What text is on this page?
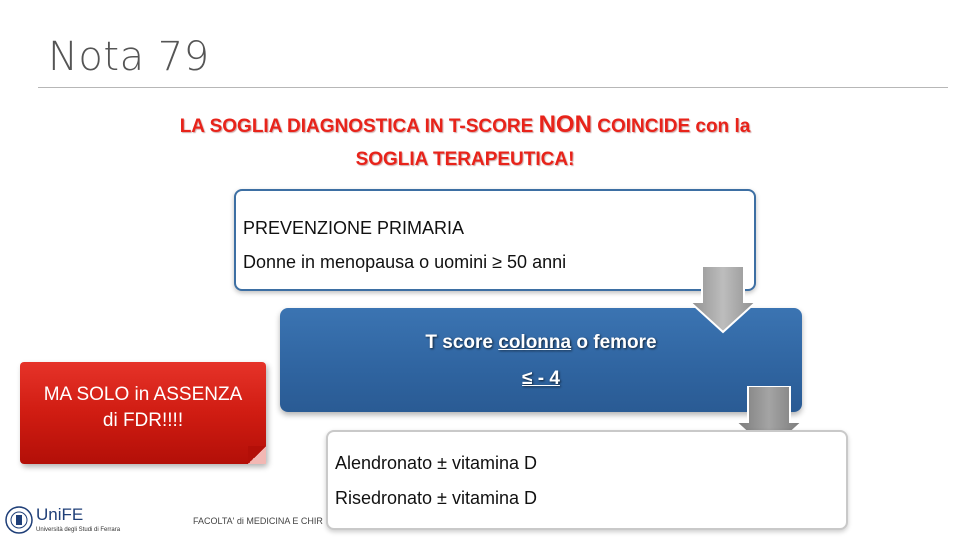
Nota 79
LA SOGLIA DIAGNOSTICA IN T-SCORE NON COINCIDE con la
SOGLIA TERAPEUTICA!
PREVENZIONE PRIMARIA
Donne in menopausa o uomini ≥ 50 anni
T score colonna o femore
≤ - 4
MA SOLO in ASSENZA
di FDR!!!!
UniFE
Università degli Studi di Ferrara
FACOLTA' di MEDICINA E CHIR
Alendronato ± vitamina D
Risedronato ± vitamina D
